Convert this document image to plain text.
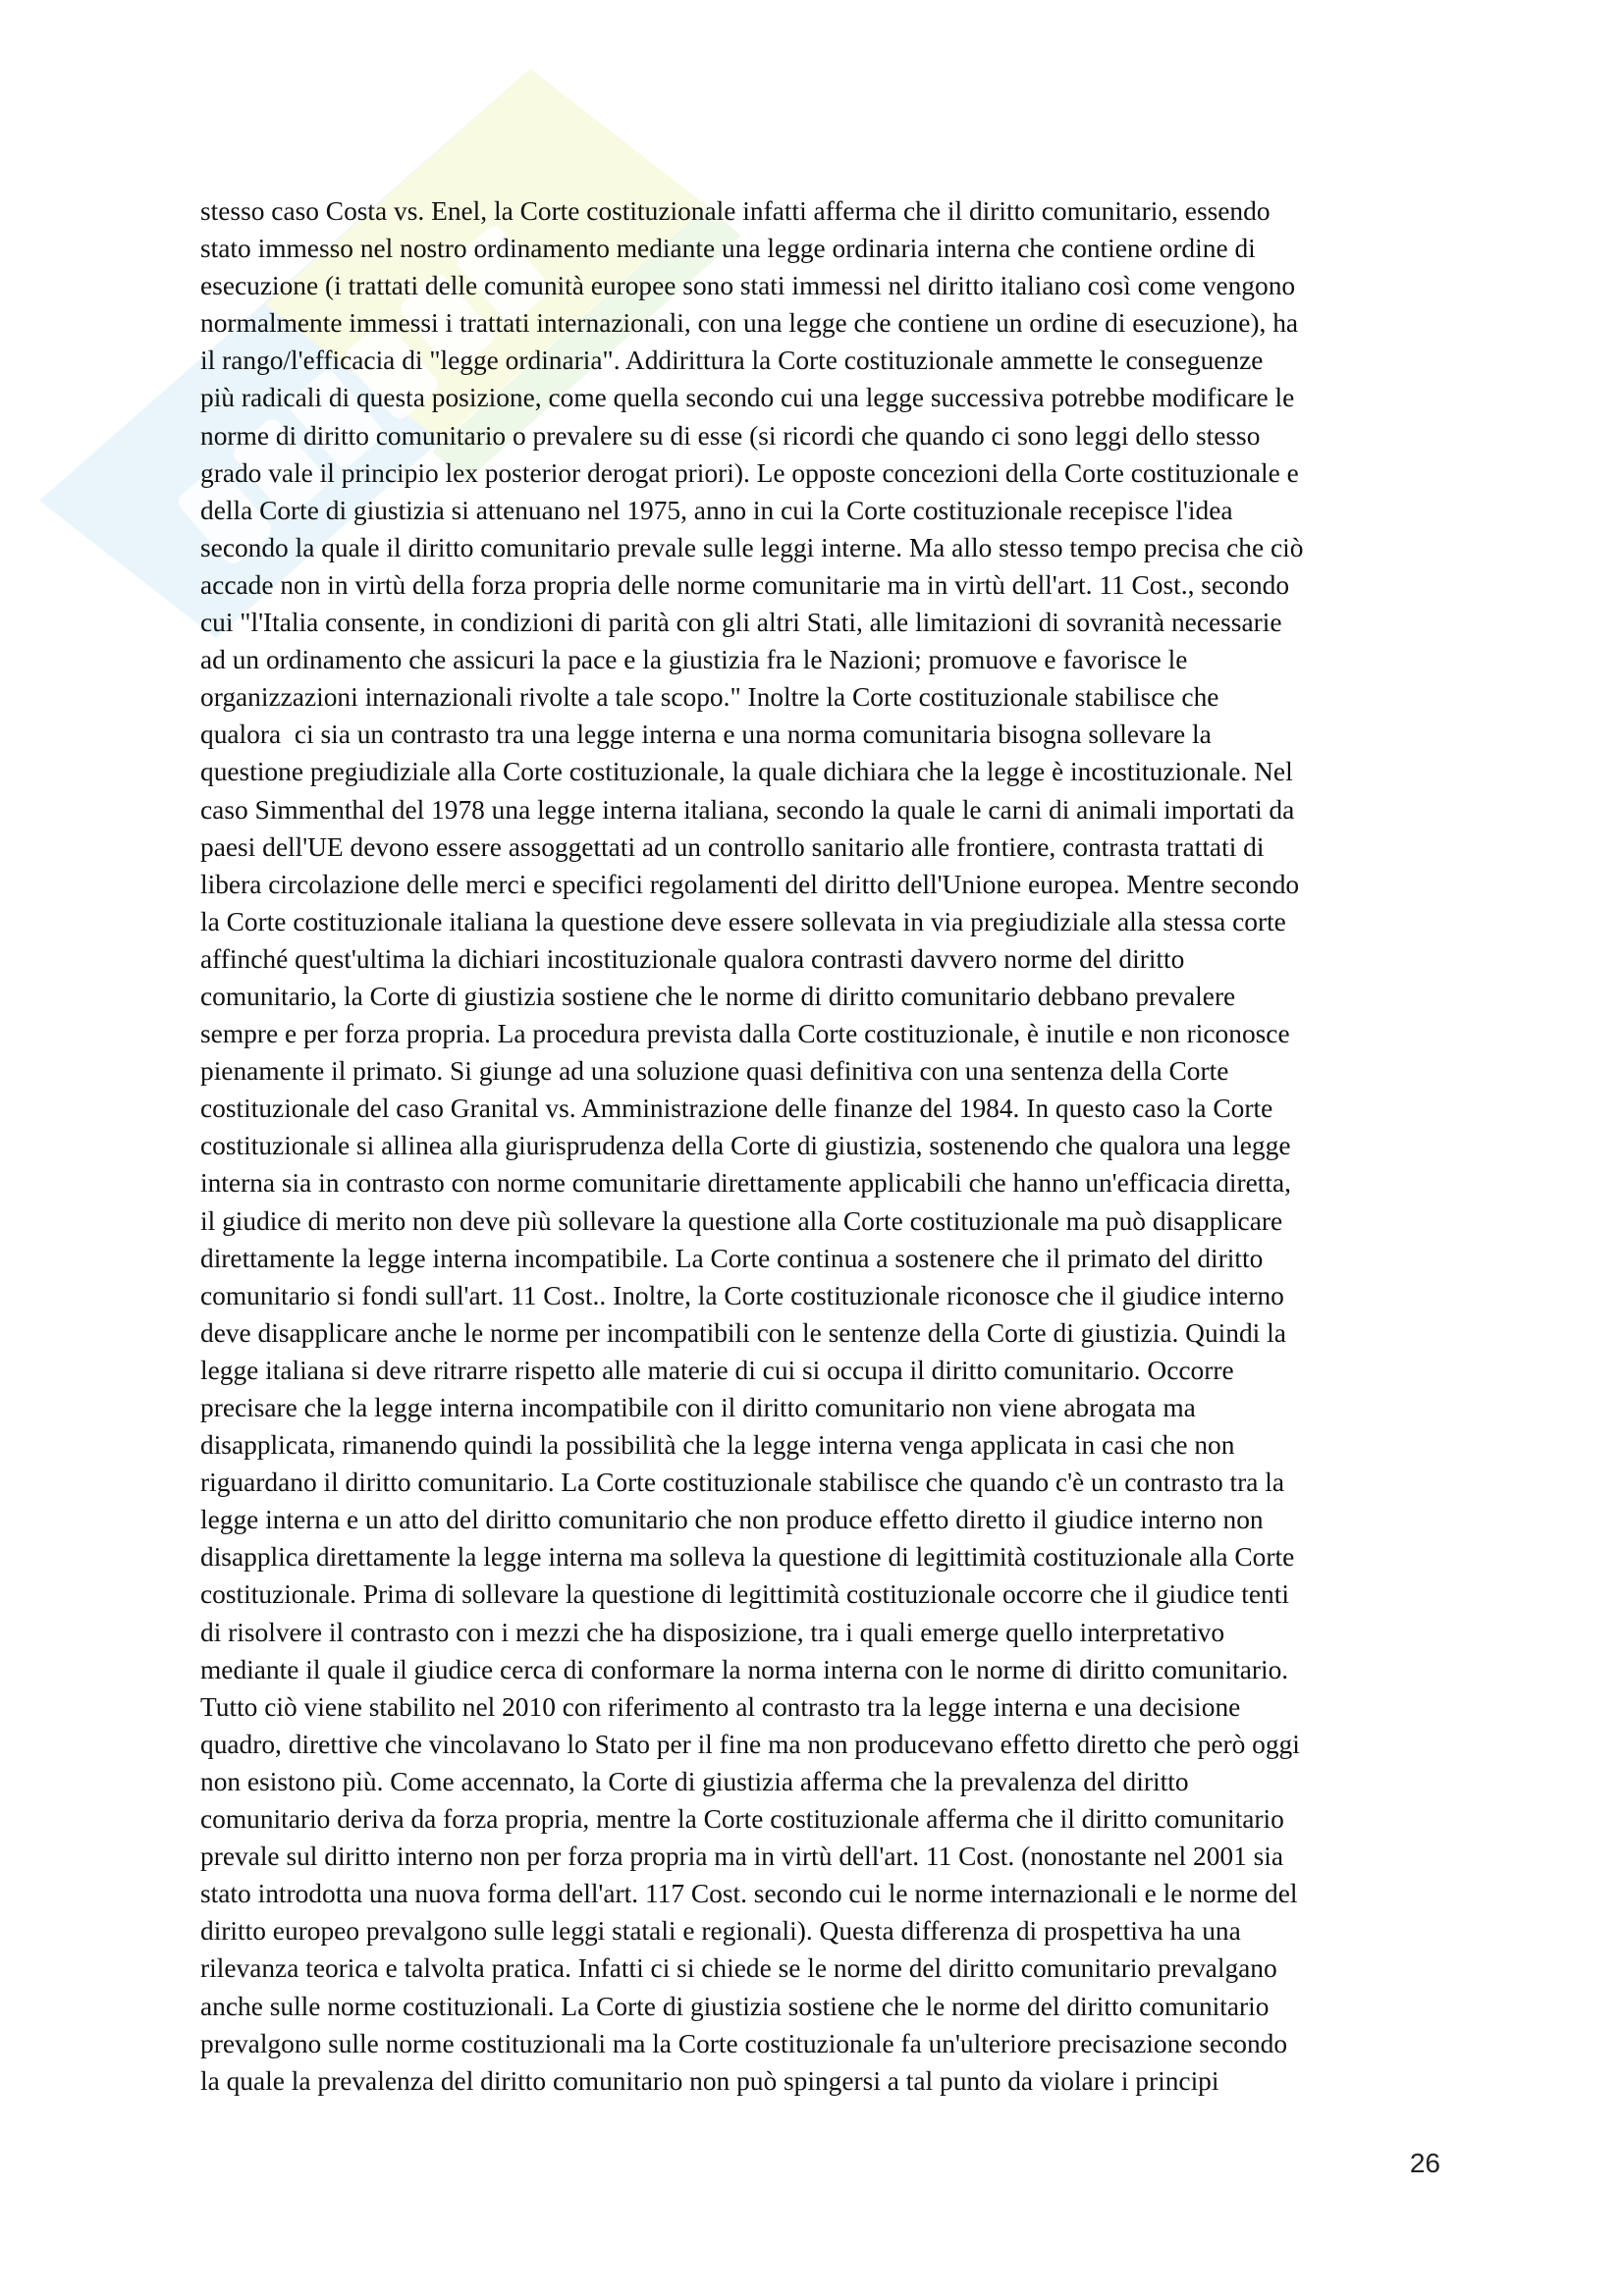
stesso caso Costa vs. Enel, la Corte costituzionale infatti afferma che il diritto comunitario, essendo
stato immesso nel nostro ordinamento mediante una legge ordinaria interna che contiene ordine di
esecuzione (i trattati delle comunità europee sono stati immessi nel diritto italiano così come vengono
normalmente immessi i trattati internazionali, con una legge che contiene un ordine di esecuzione), ha
il rango/l'efficacia di "legge ordinaria". Addirittura la Corte costituzionale ammette le conseguenze
più radicali di questa posizione, come quella secondo cui una legge successiva potrebbe modificare le
norme di diritto comunitario o prevalere su di esse (si ricordi che quando ci sono leggi dello stesso
grado vale il principio lex posterior derogat priori). Le opposte concezioni della Corte costituzionale e
della Corte di giustizia si attenuano nel 1975, anno in cui la Corte costituzionale recepisce l'idea
secondo la quale il diritto comunitario prevale sulle leggi interne. Ma allo stesso tempo precisa che ciò
accade non in virtù della forza propria delle norme comunitarie ma in virtù dell'art. 11 Cost., secondo
cui "l'Italia consente, in condizioni di parità con gli altri Stati, alle limitazioni di sovranità necessarie
ad un ordinamento che assicuri la pace e la giustizia fra le Nazioni; promuove e favorisce le
organizzazioni internazionali rivolte a tale scopo." Inoltre la Corte costituzionale stabilisce che
qualora  ci sia un contrasto tra una legge interna e una norma comunitaria bisogna sollevare la
questione pregiudiziale alla Corte costituzionale, la quale dichiara che la legge è incostituzionale. Nel
caso Simmenthal del 1978 una legge interna italiana, secondo la quale le carni di animali importati da
paesi dell'UE devono essere assoggettati ad un controllo sanitario alle frontiere, contrasta trattati di
libera circolazione delle merci e specifici regolamenti del diritto dell'Unione europea. Mentre secondo
la Corte costituzionale italiana la questione deve essere sollevata in via pregiudiziale alla stessa corte
affinché quest'ultima la dichiari incostituzionale qualora contrasti davvero norme del diritto
comunitario, la Corte di giustizia sostiene che le norme di diritto comunitario debbano prevalere
sempre e per forza propria. La procedura prevista dalla Corte costituzionale, è inutile e non riconosce
pienamente il primato. Si giunge ad una soluzione quasi definitiva con una sentenza della Corte
costituzionale del caso Granital vs. Amministrazione delle finanze del 1984. In questo caso la Corte
costituzionale si allinea alla giurisprudenza della Corte di giustizia, sostenendo che qualora una legge
interna sia in contrasto con norme comunitarie direttamente applicabili che hanno un'efficacia diretta,
il giudice di merito non deve più sollevare la questione alla Corte costituzionale ma può disapplicare
direttamente la legge interna incompatibile. La Corte continua a sostenere che il primato del diritto
comunitario si fondi sull'art. 11 Cost.. Inoltre, la Corte costituzionale riconosce che il giudice interno
deve disapplicare anche le norme per incompatibili con le sentenze della Corte di giustizia. Quindi la
legge italiana si deve ritrarre rispetto alle materie di cui si occupa il diritto comunitario. Occorre
precisare che la legge interna incompatibile con il diritto comunitario non viene abrogata ma
disapplicata, rimanendo quindi la possibilità che la legge interna venga applicata in casi che non
riguardano il diritto comunitario. La Corte costituzionale stabilisce che quando c'è un contrasto tra la
legge interna e un atto del diritto comunitario che non produce effetto diretto il giudice interno non
disapplica direttamente la legge interna ma solleva la questione di legittimità costituzionale alla Corte
costituzionale. Prima di sollevare la questione di legittimità costituzionale occorre che il giudice tenti
di risolvere il contrasto con i mezzi che ha disposizione, tra i quali emerge quello interpretativo
mediante il quale il giudice cerca di conformare la norma interna con le norme di diritto comunitario.
Tutto ciò viene stabilito nel 2010 con riferimento al contrasto tra la legge interna e una decisione
quadro, direttive che vincolavano lo Stato per il fine ma non producevano effetto diretto che però oggi
non esistono più. Come accennato, la Corte di giustizia afferma che la prevalenza del diritto
comunitario deriva da forza propria, mentre la Corte costituzionale afferma che il diritto comunitario
prevale sul diritto interno non per forza propria ma in virtù dell'art. 11 Cost. (nonostante nel 2001 sia
stato introdotta una nuova forma dell'art. 117 Cost. secondo cui le norme internazionali e le norme del
diritto europeo prevalgono sulle leggi statali e regionali). Questa differenza di prospettiva ha una
rilevanza teorica e talvolta pratica. Infatti ci si chiede se le norme del diritto comunitario prevalgano
anche sulle norme costituzionali. La Corte di giustizia sostiene che le norme del diritto comunitario
prevalgono sulle norme costituzionali ma la Corte costituzionale fa un'ulteriore precisazione secondo
la quale la prevalenza del diritto comunitario non può spingersi a tal punto da violare i principi
26
